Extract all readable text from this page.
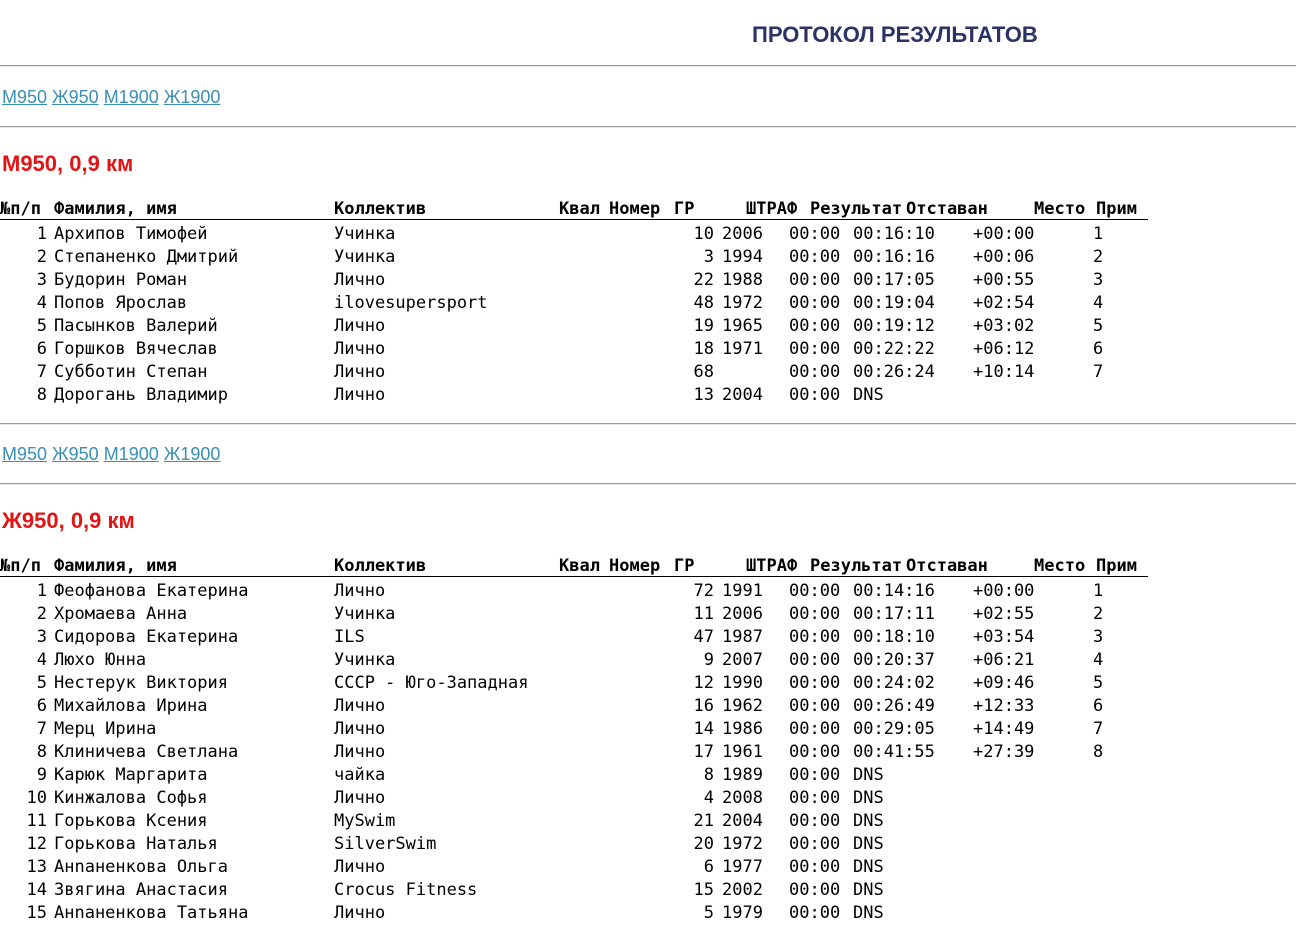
ПРОТОКОЛ РЕЗУЛЬТАТОВ
М950 Ж950 М1900 Ж1900
М950, 0,9 км
№п/п Фамилия, имя	Коллектив	Квал Номер ГР	ШТРАФ Результат Отставан	Место Прим
1 Архипов Тимофей	Учинка	10 2006	00:00 00:16:10	+00:00	1
2 Степаненко Дмитрий	Учинка	3 1994	00:00 00:16:16	+00:06	2
3 Будорин Роман	Лично	22 1988	00:00 00:17:05	+00:55	3
4 Попов Ярослав	ilovesupersport	48 1972	00:00 00:19:04	+02:54	4
5 Пасынков Валерий	Лично	19 1965	00:00 00:19:12	+03:02	5
6 Горшков Вячеслав	Лично	18 1971	00:00 00:22:22	+06:12	6
7 Субботин Степан	Лично	68	00:00 00:26:24	+10:14	7
8 Дорогань Владимир	Лично	13 2004	00:00 DNS
М950 Ж950 М1900 Ж1900
Ж950, 0,9 км
№п/п Фамилия, имя	Коллектив	Квал Номер ГР	ШТРАФ Результат Отставан	Место Прим
1 Феофанова Екатерина	Лично	72 1991	00:00 00:14:16	+00:00	1
2 Хромаева Анна	Учинка	11 2006	00:00 00:17:11	+02:55	2
3 Сидорова Екатерина	ILS	47 1987	00:00 00:18:10	+03:54	3
4 Люхо Юнна	Учинка	9 2007	00:00 00:20:37	+06:21	4
5 Нестерук Виктория	СССР - Юго-Западная	12 1990	00:00 00:24:02	+09:46	5
6 Михайлова Ирина	Лично	16 1962	00:00 00:26:49	+12:33	6
7 Мерц Ирина	Лично	14 1986	00:00 00:29:05	+14:49	7
8 Клиничева Светлана	Лично	17 1961	00:00 00:41:55	+27:39	8
9 Карюк Маргарита	чайка	8 1989	00:00 DNS
10 Кинжалова Софья	Лично	4 2008	00:00 DNS
11 Горькова Ксения	MySwim	21 2004	00:00 DNS
12 Горькова Наталья	SilverSwim	20 1972	00:00 DNS
13 Анnaненкова Ольга	Лично	6 1977	00:00 DNS
14 Звягина Анастасия	Crocus Fitness	15 2002	00:00 DNS
15 Анnaненкова Татьяна	Лично	5 1979	00:00 DNS
